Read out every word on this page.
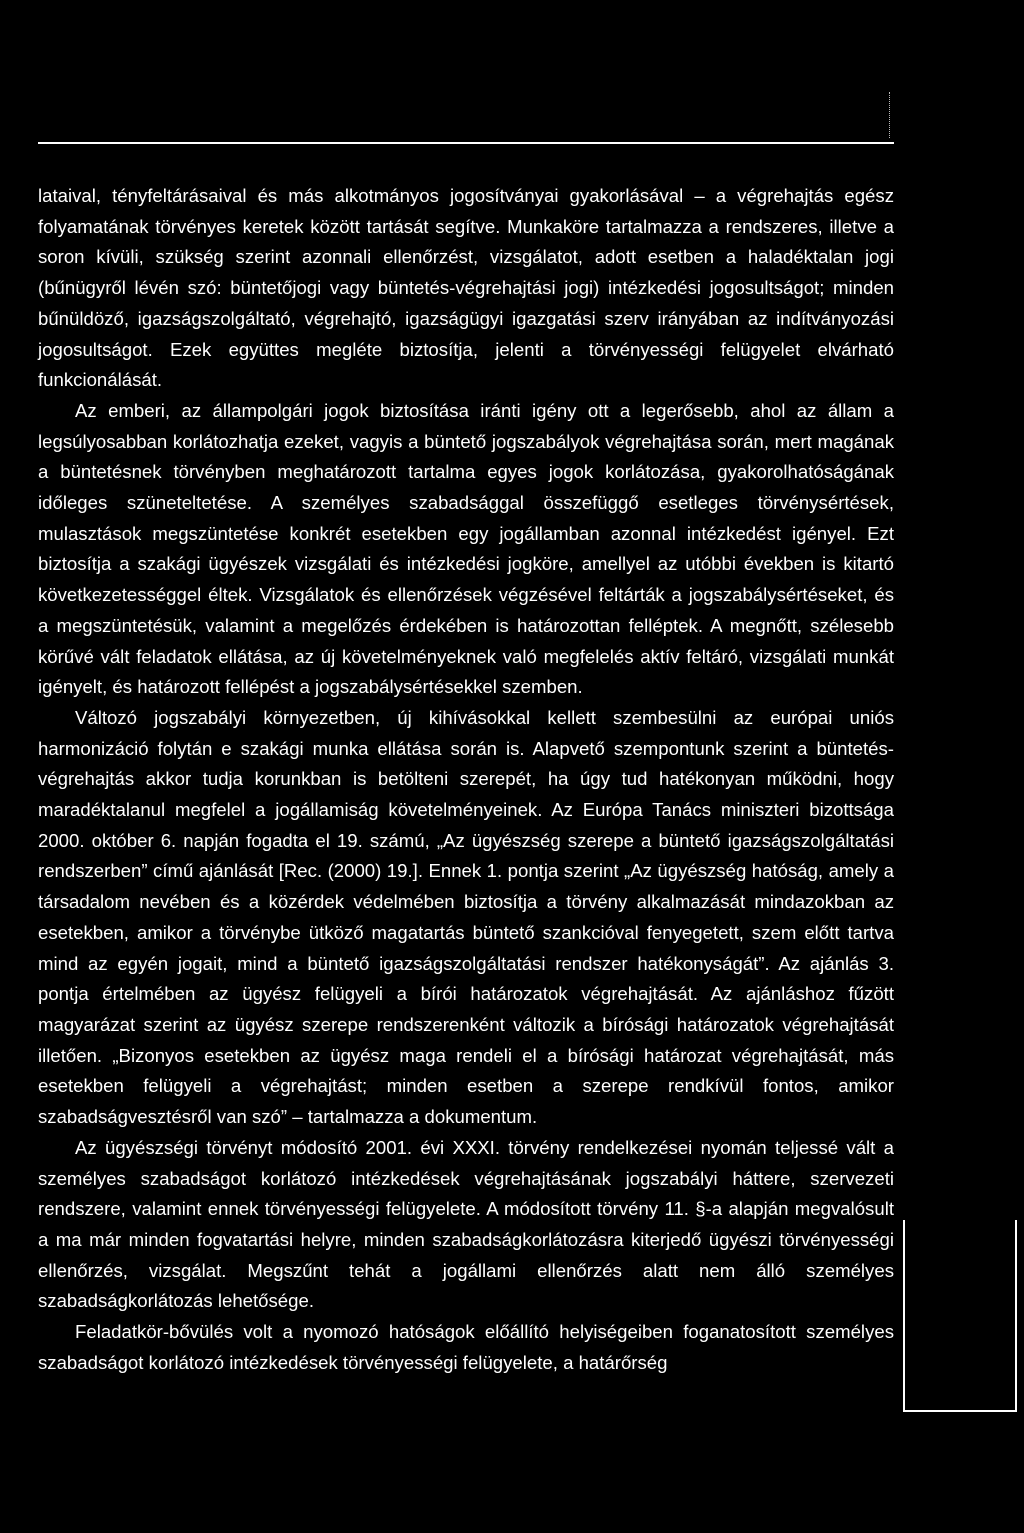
lataival, tényfeltárásaival és más alkotmányos jogosítványai gyakorlásával – a végrehajtás egész folyamatának törvényes keretek között tartását segítve. Munkaköre tartalmazza a rendszeres, illetve a soron kívüli, szükség szerint azonnali ellenőrzést, vizsgálatot, adott esetben a haladéktalan jogi (bűnügyről lévén szó: büntetőjogi vagy büntetés-végrehajtási jogi) intézkedési jogosultságot; minden bűnüldöző, igazságszolgáltató, végrehajtó, igazságügyi igazgatási szerv irányában az indítványozási jogosultságot. Ezek együttes megléte biztosítja, jelenti a törvényességi felügyelet elvárható funkcionálását.

Az emberi, az állampolgári jogok biztosítása iránti igény ott a legerősebb, ahol az állam a legsúlyosabban korlátozhatja ezeket, vagyis a büntető jogszabályok végrehajtása során, mert magának a büntetésnek törvényben meghatározott tartalma egyes jogok korlátozása, gyakorolhatóságának időleges szüneteltetése. A személyes szabadsággal összefüggő esetleges törvénysértések, mulasztások megszüntetése konkrét esetekben egy jogállamban azonnal intézkedést igényel. Ezt biztosítja a szakági ügyészek vizsgálati és intézkedési jogköre, amellyel az utóbbi években is kitartó következetességgel éltek. Vizsgálatok és ellenőrzések végzésével feltárták a jogszabálysértéseket, és a megszüntetésük, valamint a megelőzés érdekében is határozottan felléptek. A megnőtt, szélesebb körűvé vált feladatok ellátása, az új követelményeknek való megfelelés aktív feltáró, vizsgálati munkát igényelt, és határozott fellépést a jogszabálysértésekkel szemben.

Változó jogszabályi környezetben, új kihívásokkal kellett szembesülni az európai uniós harmonizáció folytán e szakági munka ellátása során is. Alapvető szempontunk szerint a büntetés-végrehajtás akkor tudja korunkban is betölteni szerepét, ha úgy tud hatékonyan működni, hogy maradéktalanul megfelel a jogállamiság követelményeinek. Az Európa Tanács miniszteri bizottsága 2000. október 6. napján fogadta el 19. számú, „Az ügyészség szerepe a büntető igazságszolgáltatási rendszerben” című ajánlását [Rec. (2000) 19.]. Ennek 1. pontja szerint „Az ügyészség hatóság, amely a társadalom nevében és a közérdek védelmében biztosítja a törvény alkalmazását mindazokban az esetekben, amikor a törvénybe ütköző magatartás büntető szankcióval fenyegetett, szem előtt tartva mind az egyén jogait, mind a büntető igazságszolgáltatási rendszer hatékonyságát”. Az ajánlás 3. pontja értelmében az ügyész felügyeli a bírói határozatok végrehajtását. Az ajánláshoz fűzött magyarázat szerint az ügyész szerepe rendszerenként változik a bírósági határozatok végrehajtását illetően. „Bizonyos esetekben az ügyész maga rendeli el a bírósági határozat végrehajtását, más esetekben felügyeli a végrehajtást; minden esetben a szerepe rendkívül fontos, amikor szabadságvesztésről van szó” – tartalmazza a dokumentum.

Az ügyészségi törvényt módosító 2001. évi XXXI. törvény rendelkezései nyomán teljessé vált a személyes szabadságot korlátozó intézkedések végrehajtásának jogszabályi háttere, szervezeti rendszere, valamint ennek törvényességi felügyelete. A módosított törvény 11. §-a alapján megvalósult a ma már minden fogvatartási helyre, minden szabadságkorlátozásra kiterjedő ügyészi törvényességi ellenőrzés, vizsgálat. Megszűnt tehát a jogállami ellenőrzés alatt nem álló személyes szabadságkorlátozás lehetősége.

Feladatkör-bővülés volt a nyomozó hatóságok előállító helyiségeiben foganatosított személyes szabadságot korlátozó intézkedések törvényességi felügyelete, a határőrség
